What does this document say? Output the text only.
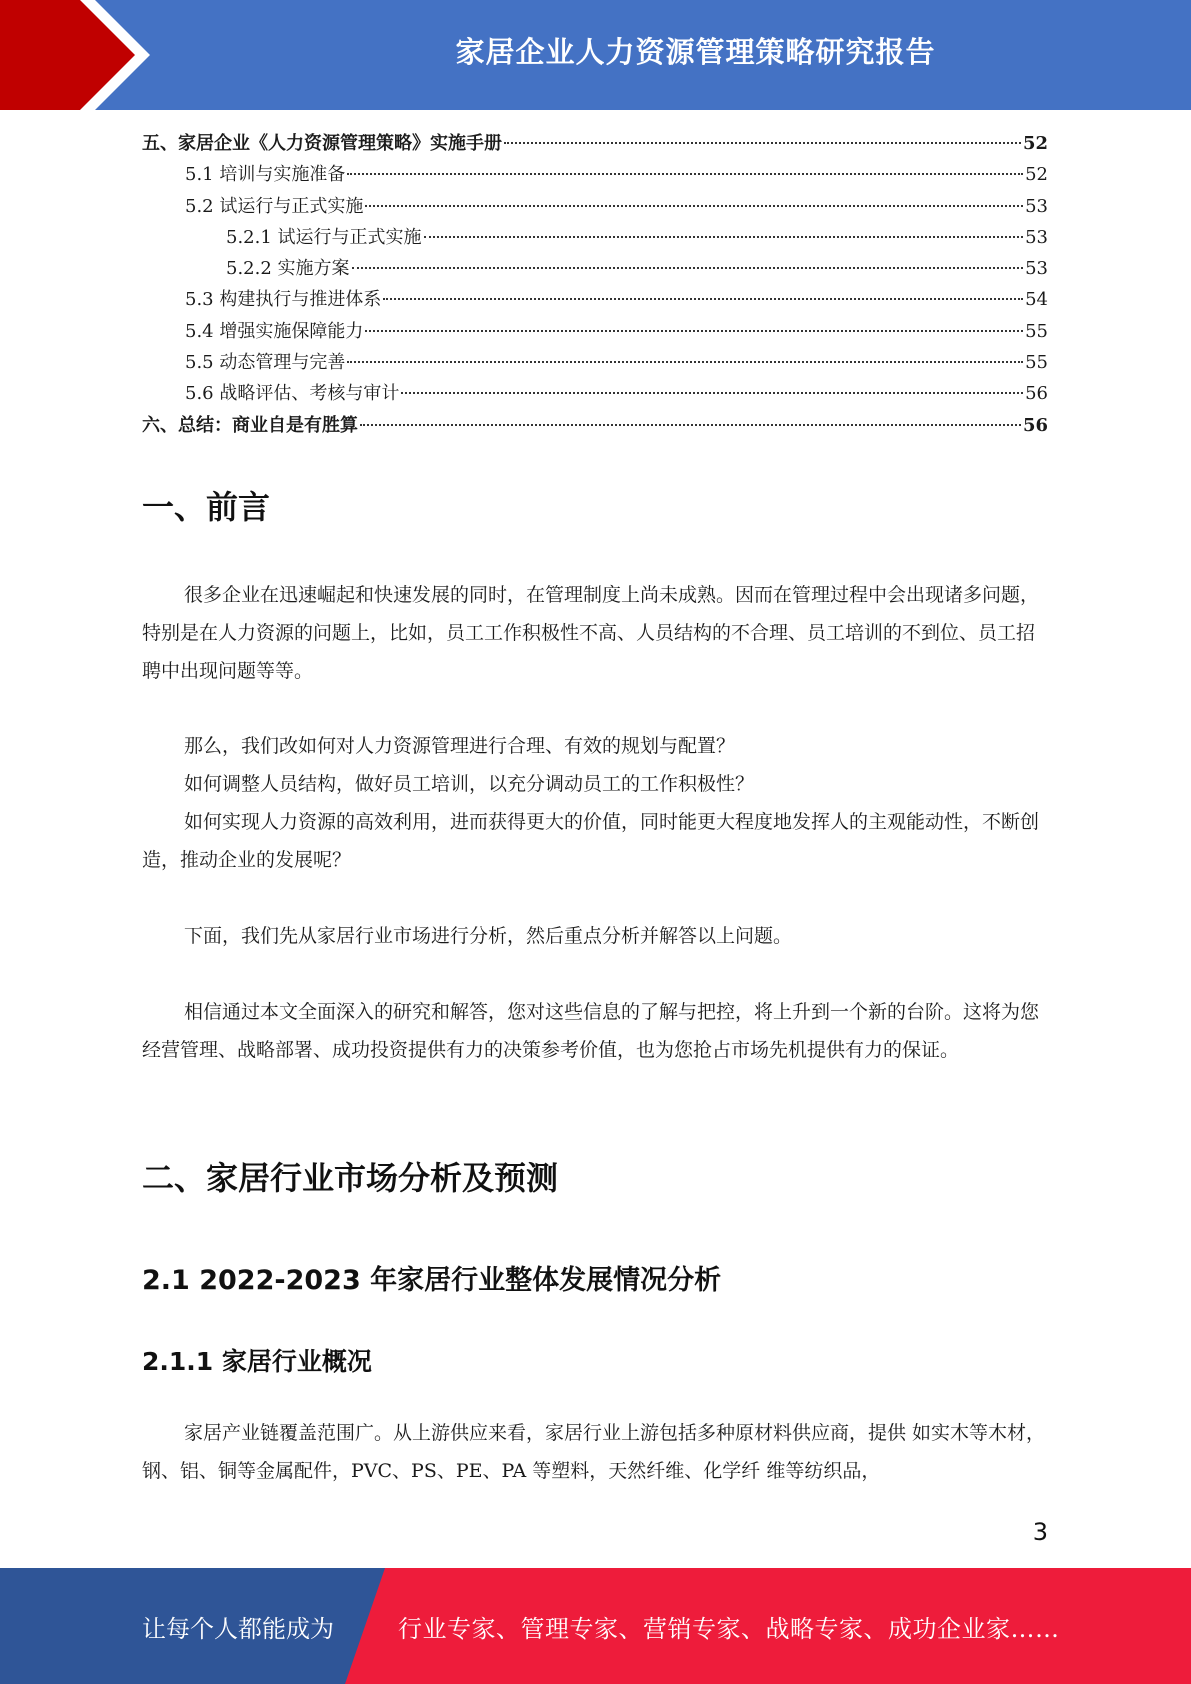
家居企业人力资源管理策略研究报告
五、家居企业《人力资源管理策略》实施手册	52
5.1 培训与实施准备	52
5.2 试运行与正式实施	53
5.2.1 试运行与正式实施	53
5.2.2 实施方案	53
5.3 构建执行与推进体系	54
5.4 增强实施保障能力	55
5.5 动态管理与完善	55
5.6 战略评估、考核与审计	56
六、总结：商业自是有胜算	56
一、前言

很多企业在迅速崛起和快速发展的同时，在管理制度上尚未成熟。因而在管理过程中会出现诸多问题，特别是在人力资源的问题上，比如，员工工作积极性不高、人员结构的不合理、员工培训的不到位、员工招聘中出现问题等等。

那么，我们改如何对人力资源管理进行合理、有效的规划与配置？

如何调整人员结构，做好员工培训，以充分调动员工的工作积极性？

如何实现人力资源的高效利用，进而获得更大的价值，同时能更大程度地发挥人的主观能动性，不断创造，推动企业的发展呢？

下面，我们先从家居行业市场进行分析，然后重点分析并解答以上问题。

相信通过本文全面深入的研究和解答，您对这些信息的了解与把控，将上升到一个新的台阶。这将为您经营管理、战略部署、成功投资提供有力的决策参考价值，也为您抢占市场先机提供有力的保证。

二、家居行业市场分析及预测
2.1 2022-2023 年家居行业整体发展情况分析
2.1.1 家居行业概况

家居产业链覆盖范围广。从上游供应来看，家居行业上游包括多种原材料供应商，提供 如实木等木材，钢、铝、铜等金属配件，PVC、PS、PE、PA 等塑料，天然纤维、化学纤 维等纺织品，

3
让每个人都能成为	行业专家、管理专家、营销专家、战略专家、成功企业家……
